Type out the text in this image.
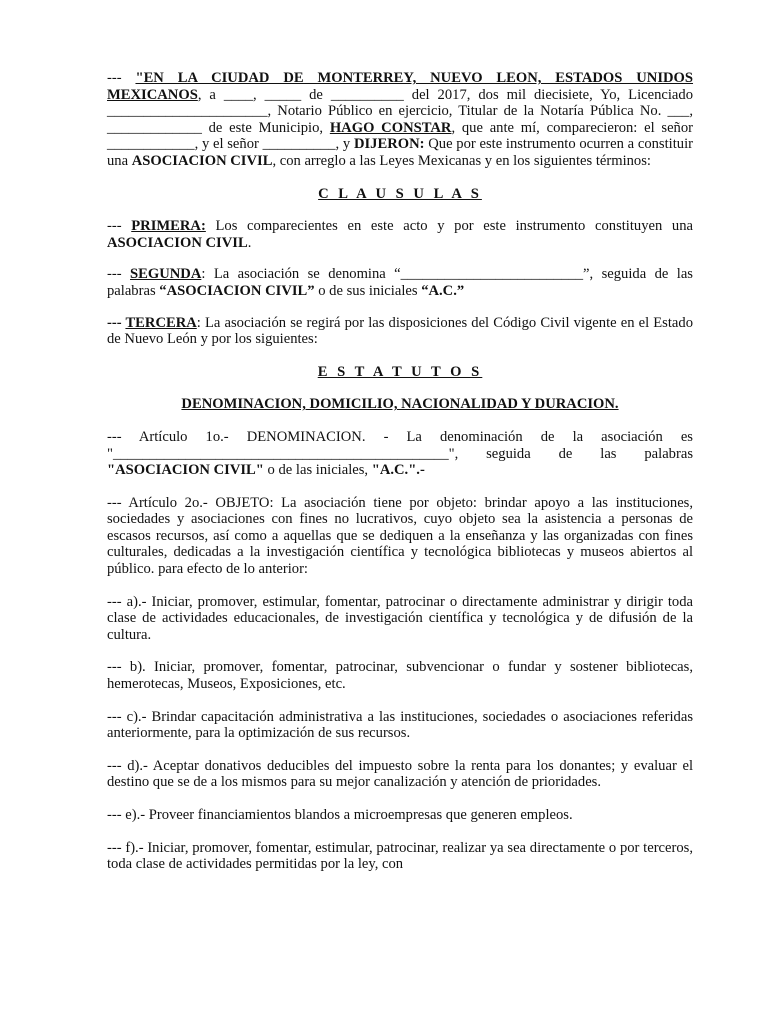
--- "EN LA CIUDAD DE MONTERREY, NUEVO LEON, ESTADOS UNIDOS MEXICANOS, a ____, _____ de __________ del 2017, dos mil diecisiete, Yo, Licenciado ______________________, Notario Público en ejercicio, Titular de la Notaría Pública No. ___, _____________ de este Municipio, HAGO CONSTAR, que ante mí, comparecieron: el señor ____________, y el señor __________, y DIJERON: Que por este instrumento ocurren a constituir una ASOCIACION CIVIL, con arreglo a las Leyes Mexicanas y en los siguientes términos:

C L A U S U L A S

--- PRIMERA: Los comparecientes en este acto y por este instrumento constituyen una ASOCIACION CIVIL.

--- SEGUNDA: La asociación se denomina “_________________________”, seguida de las palabras “ASOCIACION CIVIL” o de sus iniciales “A.C.”

--- TERCERA: La asociación se regirá por las disposiciones del Código Civil vigente en el Estado de Nuevo León y por los siguientes:

E S T A T U T O S

DENOMINACION, DOMICILIO, NACIONALIDAD Y DURACION.

--- Artículo 1o.- DENOMINACION. - La denominación de la asociación es "______________________________________________", seguida de las palabras "ASOCIACION CIVIL" o de las iniciales, "A.C.".-

--- Artículo 2o.- OBJETO: La asociación tiene por objeto: brindar apoyo a las instituciones, sociedades y asociaciones con fines no lucrativos, cuyo objeto sea la asistencia a personas de escasos recursos, así como a aquellas que se dediquen a la enseñanza y las organizadas con fines culturales, dedicadas a la investigación científica y tecnológica bibliotecas y museos abiertos al público. para efecto de lo anterior:

--- a).- Iniciar, promover, estimular, fomentar, patrocinar o directamente administrar y dirigir toda clase de actividades educacionales, de investigación científica y tecnológica y de difusión de la cultura.

--- b). Iniciar, promover, fomentar, patrocinar, subvencionar o fundar y sostener bibliotecas, hemerotecas, Museos, Exposiciones, etc.

--- c).- Brindar capacitación administrativa a las instituciones, sociedades o asociaciones referidas anteriormente, para la optimización de sus recursos.

--- d).- Aceptar donativos deducibles del impuesto sobre la renta para los donantes; y evaluar el destino que se de a los mismos para su mejor canalización y atención de prioridades.

--- e).- Proveer financiamientos blandos a microempresas que generen empleos.

--- f).- Iniciar, promover, fomentar, estimular, patrocinar, realizar ya sea directamente o por terceros, toda clase de actividades permitidas por la ley, con
